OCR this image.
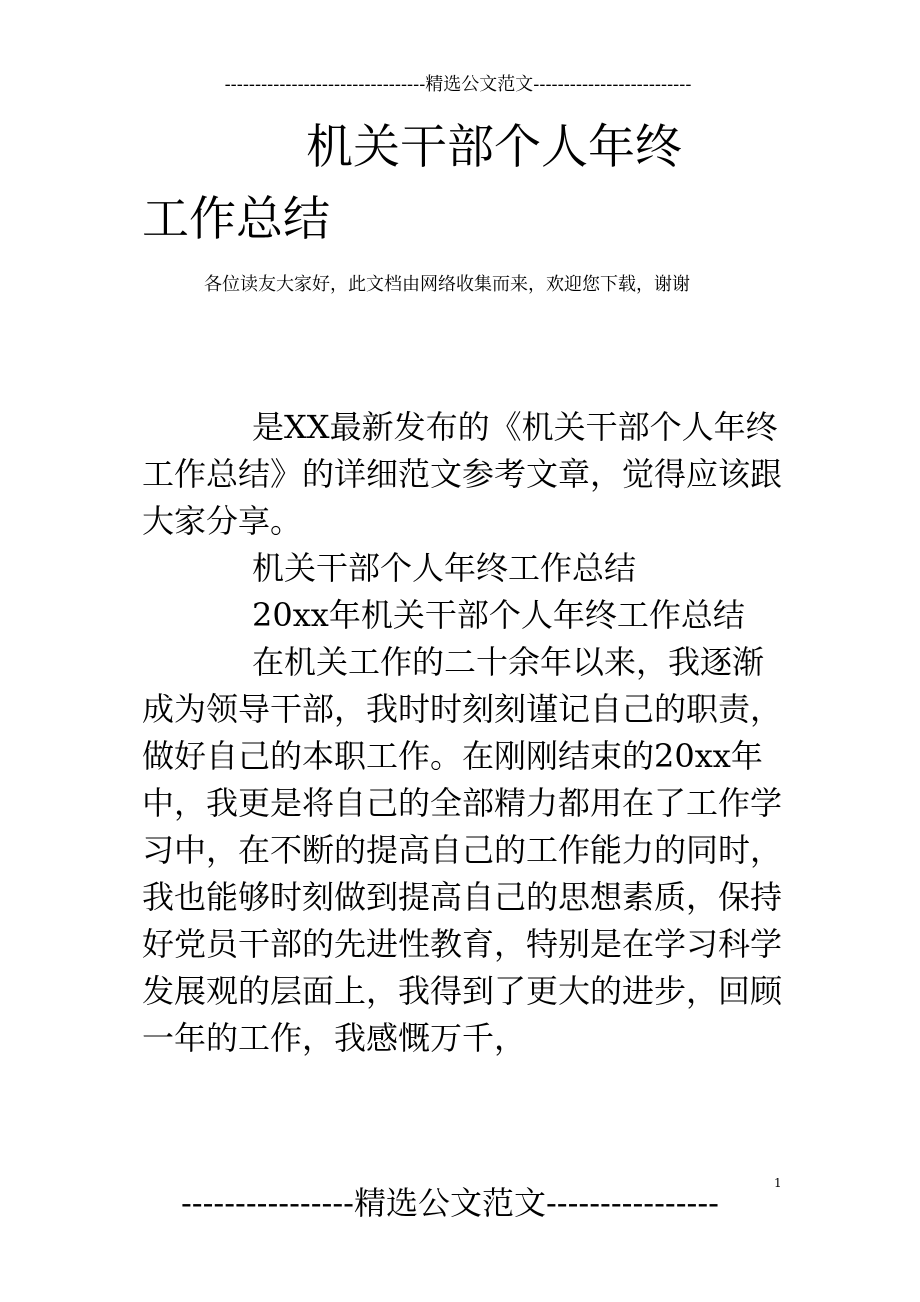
---------------------------------精选公文范文--------------------------
机关干部个人年终
工作总结

各位读友大家好，此文档由网络收集而来，欢迎您下载，谢谢

是XX最新发布的《机关干部个人年终工作总结》的详细范文参考文章，觉得应该跟大家分享。

机关干部个人年终工作总结

20xx年机关干部个人年终工作总结

在机关工作的二十余年以来，我逐渐成为领导干部，我时时刻刻谨记自己的职责，做好自己的本职工作。在刚刚结束的20xx年中，我更是将自己的全部精力都用在了工作学习中，在不断的提高自己的工作能力的同时，我也能够时刻做到提高自己的思想素质，保持好党员干部的先进性教育，特别是在学习科学发展观的层面上，我得到了更大的进步，回顾一年的工作，我感慨万千，

1
----------------精选公文范文----------------
